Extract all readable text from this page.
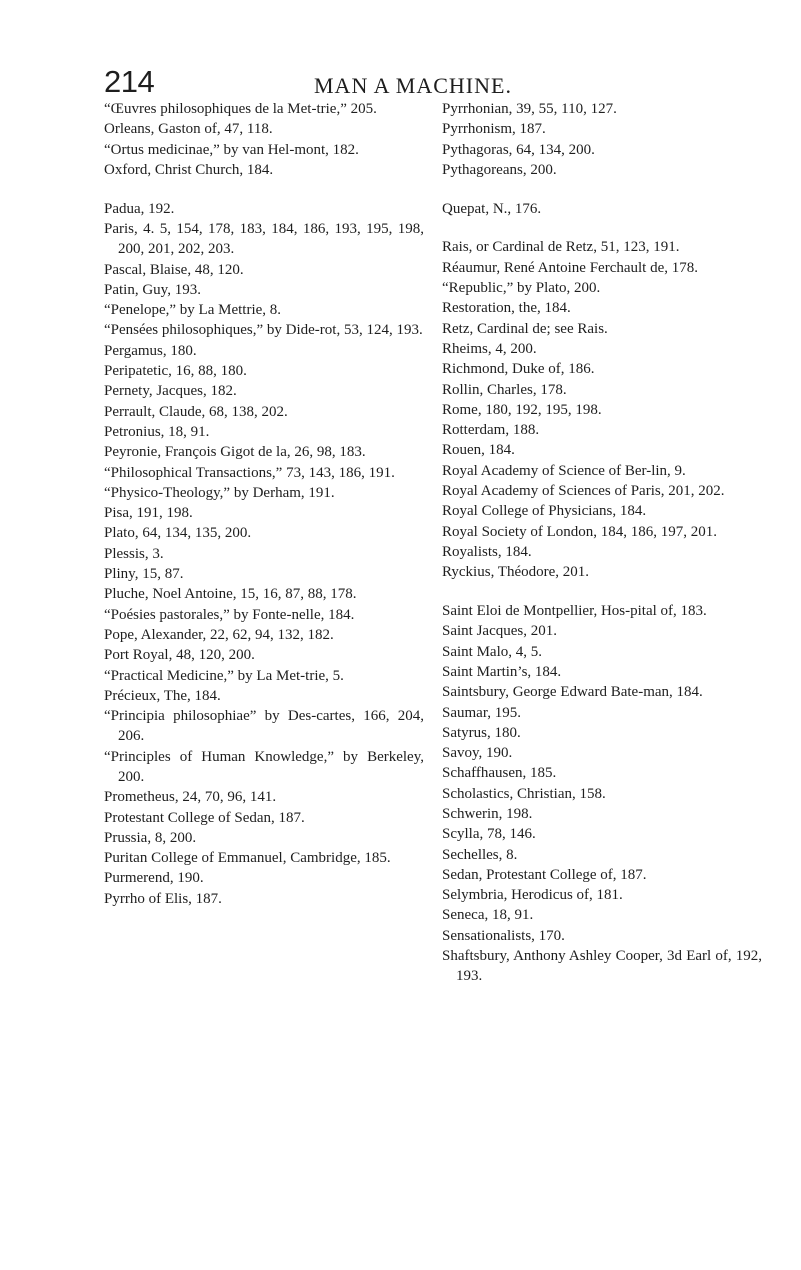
214	MAN A MACHINE.
“Œuvres philosophiques de la Met-trie,” 205.
Orleans, Gaston of, 47, 118.
“Ortus medicinae,” by van Hel-mont, 182.
Oxford, Christ Church, 184.
Padua, 192.
Paris, 4. 5, 154, 178, 183, 184, 186, 193, 195, 198, 200, 201, 202, 203.
Pascal, Blaise, 48, 120.
Patin, Guy, 193.
“Penelope,” by La Mettrie, 8.
“Pensées philosophiques,” by Dide-rot, 53, 124, 193.
Pergamus, 180.
Peripatetic, 16, 88, 180.
Pernety, Jacques, 182.
Perrault, Claude, 68, 138, 202.
Petronius, 18, 91.
Peyronie, François Gigot de la, 26, 98, 183.
“Philosophical Transactions,” 73, 143, 186, 191.
“Physico-Theology,” by Derham, 191.
Pisa, 191, 198.
Plato, 64, 134, 135, 200.
Plessis, 3.
Pliny, 15, 87.
Pluche, Noel Antoine, 15, 16, 87, 88, 178.
“Poésies pastorales,” by Fonte-nelle, 184.
Pope, Alexander, 22, 62, 94, 132, 182.
Port Royal, 48, 120, 200.
“Practical Medicine,” by La Met-trie, 5.
Précieux, The, 184.
“Principia philosophiae” by Des-cartes, 166, 204, 206.
“Principles of Human Knowledge,” by Berkeley, 200.
Prometheus, 24, 70, 96, 141.
Protestant College of Sedan, 187.
Prussia, 8, 200.
Puritan College of Emmanuel, Cambridge, 185.
Purmerend, 190.
Pyrrho of Elis, 187.
Pyrrhonian, 39, 55, 110, 127.
Pyrrhonism, 187.
Pythagoras, 64, 134, 200.
Pythagoreans, 200.
Quepat, N., 176.
Rais, or Cardinal de Retz, 51, 123, 191.
Réaumur, René Antoine Ferchault de, 178.
“Republic,” by Plato, 200.
Restoration, the, 184.
Retz, Cardinal de; see Rais.
Rheims, 4, 200.
Richmond, Duke of, 186.
Rollin, Charles, 178.
Rome, 180, 192, 195, 198.
Rotterdam, 188.
Rouen, 184.
Royal Academy of Science of Ber-lin, 9.
Royal Academy of Sciences of Paris, 201, 202.
Royal College of Physicians, 184.
Royal Society of London, 184, 186, 197, 201.
Royalists, 184.
Ryckius, Théodore, 201.
Saint Eloi de Montpellier, Hos-pital of, 183.
Saint Jacques, 201.
Saint Malo, 4, 5.
Saint Martin’s, 184.
Saintsbury, George Edward Bate-man, 184.
Saumar, 195.
Satyrus, 180.
Savoy, 190.
Schaffhausen, 185.
Scholastics, Christian, 158.
Schwerin, 198.
Scylla, 78, 146.
Sechelles, 8.
Sedan, Protestant College of, 187.
Selymbria, Herodicus of, 181.
Seneca, 18, 91.
Sensationalists, 170.
Shaftsbury, Anthony Ashley Cooper, 3d Earl of, 192, 193.
